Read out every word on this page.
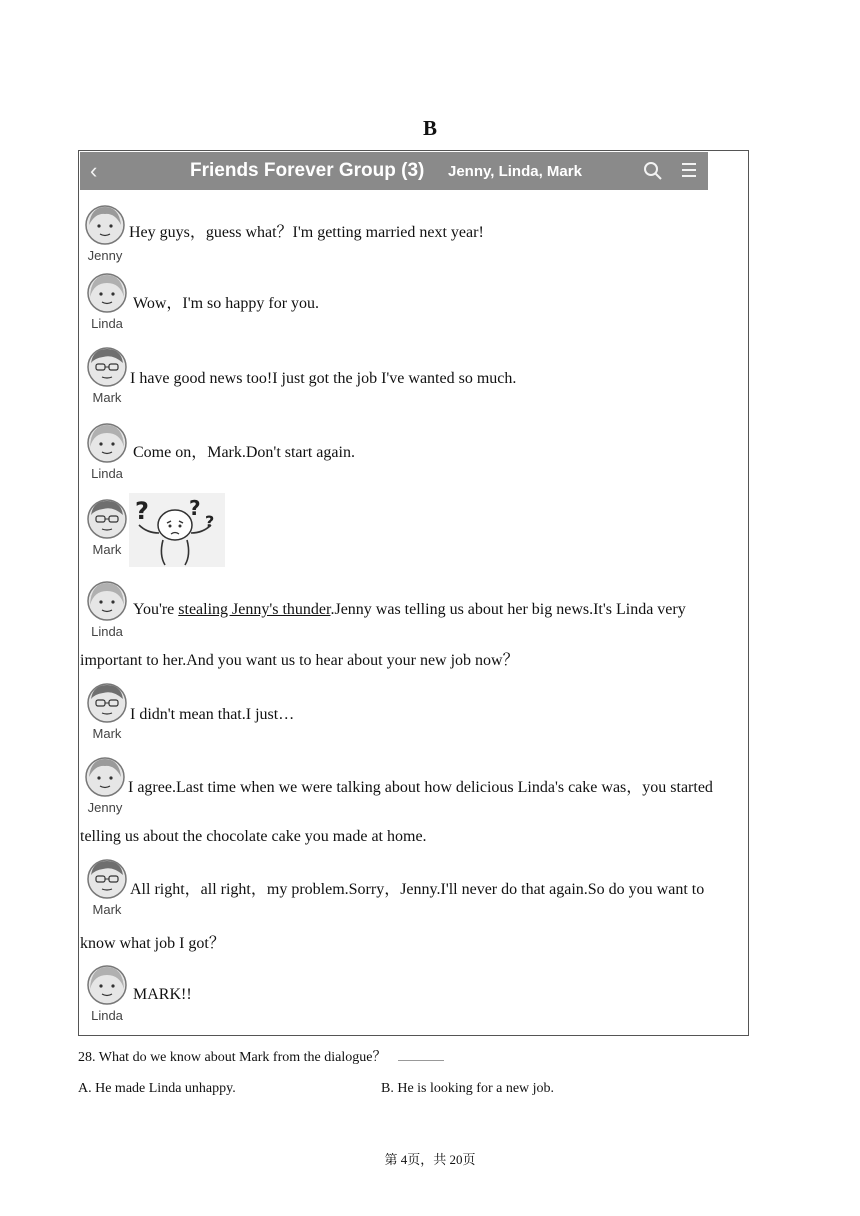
B
‹	Friends Forever Group (3) Jenny, Linda, Mark
Jenny
Hey guys，guess what？I'm getting married next year!
Linda
Wow，I'm so happy for you.
Mark
I have good news too!I just got the job I've wanted so much.
Linda
Come on，Mark.Don't start again.
Mark
? ?
?
Linda
You're stealing Jenny's thunder.Jenny was telling us about her big news.It's Linda very
important to her.And you want us to hear about your new job now？
Mark
I didn't mean that.I just…
Jenny
I agree.Last time when we were talking about how delicious Linda's cake was，you started
telling us about the chocolate cake you made at home.
Mark
All right，all right，my problem.Sorry，Jenny.I'll never do that again.So do you want to
know what job I got？
Linda
MARK!!
28. What do we know about Mark from the dialogue？
A. He made Linda unhappy.	B. He is looking for a new job.
第 4页，共 20页
